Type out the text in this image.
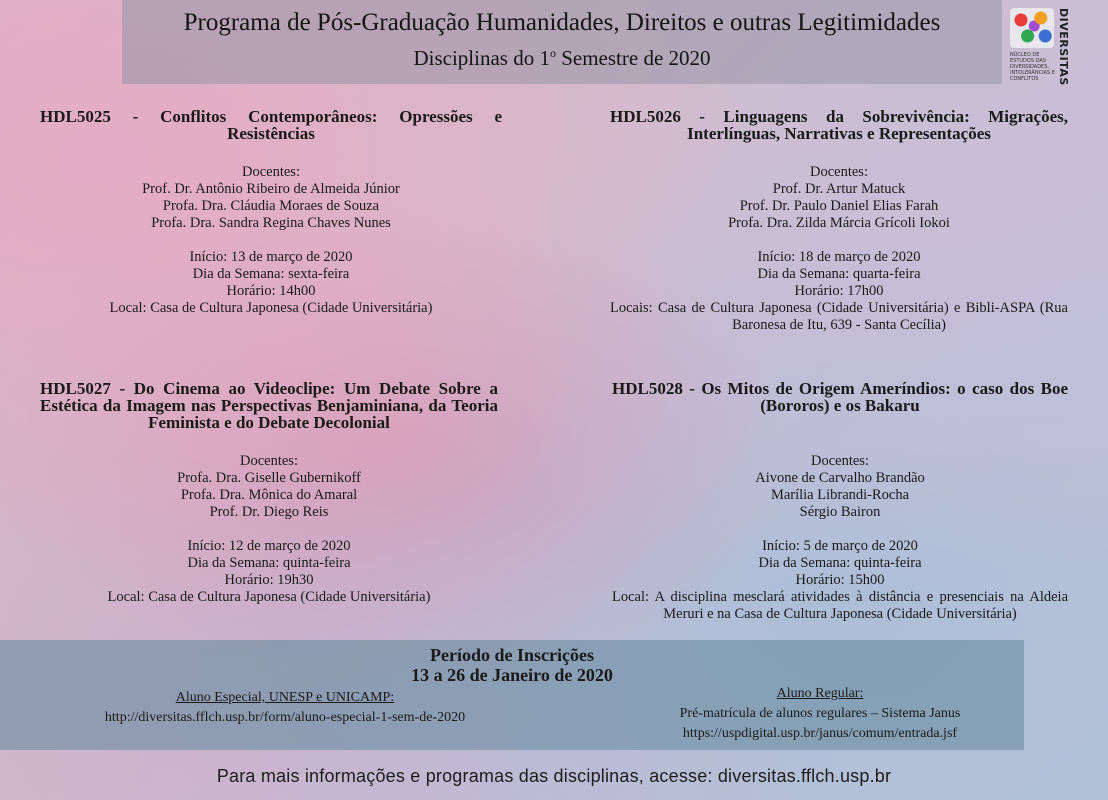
Programa de Pós-Graduação Humanidades, Direitos e outras Legitimidades
Disciplinas do 1$^o$ Semestre de 2020	DIVERSITAS
NÚCLEO DE ESTUDOS DAS DIVERSIDADES, INTOLERÂNCIAS E CONFLITOS
HDL5025 - Conflitos Contemporâneos: Opressões e Resistências

Docentes:

Prof. Dr. Antônio Ribeiro de Almeida Júnior

Profa. Dra. Cláudia Moraes de Souza

Profa. Dra. Sandra Regina Chaves Nunes

Início: 13 de março de 2020

Dia da Semana: sexta-feira

Horário: 14h00

Local: Casa de Cultura Japonesa (Cidade Universitária)

HDL5026 - Linguagens da Sobrevivência: Migrações, Interlínguas, Narrativas e Representações

Docentes:

Prof. Dr. Artur Matuck

Prof. Dr. Paulo Daniel Elias Farah

Profa. Dra. Zilda Márcia Grícoli Iokoi

Início: 18 de março de 2020

Dia da Semana: quarta-feira

Horário: 17h00

Locais: Casa de Cultura Japonesa (Cidade Universitária) e Bibli-ASPA (Rua Baronesa de Itu, 639 - Santa Cecília)

HDL5027 - Do Cinema ao Videoclipe: Um Debate Sobre a Estética da Imagem nas Perspectivas Benjaminiana, da Teoria Feminista e do Debate Decolonial

Docentes:

Profa. Dra. Giselle Gubernikoff

Profa. Dra. Mônica do Amaral

Prof. Dr. Diego Reis

Início: 12 de março de 2020

Dia da Semana: quinta-feira

Horário: 19h30

Local: Casa de Cultura Japonesa (Cidade Universitária)

HDL5028 - Os Mitos de Origem Ameríndios: o caso dos Boe (Bororos) e os Bakaru

Docentes:

Aivone de Carvalho Brandão

Marília Librandi-Rocha

Sérgio Bairon

Início: 5 de março de 2020

Dia da Semana: quinta-feira

Horário: 15h00

Local: A disciplina mesclará atividades à distância e presenciais na Aldeia Meruri e na Casa de Cultura Japonesa (Cidade Universitária)

Período de Inscrições
13 a 26 de Janeiro de 2020
Aluno Especial, UNESP e UNICAMP:
http://diversitas.fflch.usp.br/form/aluno-especial-1-sem-de-2020
Aluno Regular:
Pré-matrícula de alunos regulares – Sistema Janus
https://uspdigital.usp.br/janus/comum/entrada.jsf
Para mais informações e programas das disciplinas, acesse: diversitas.fflch.usp.br
